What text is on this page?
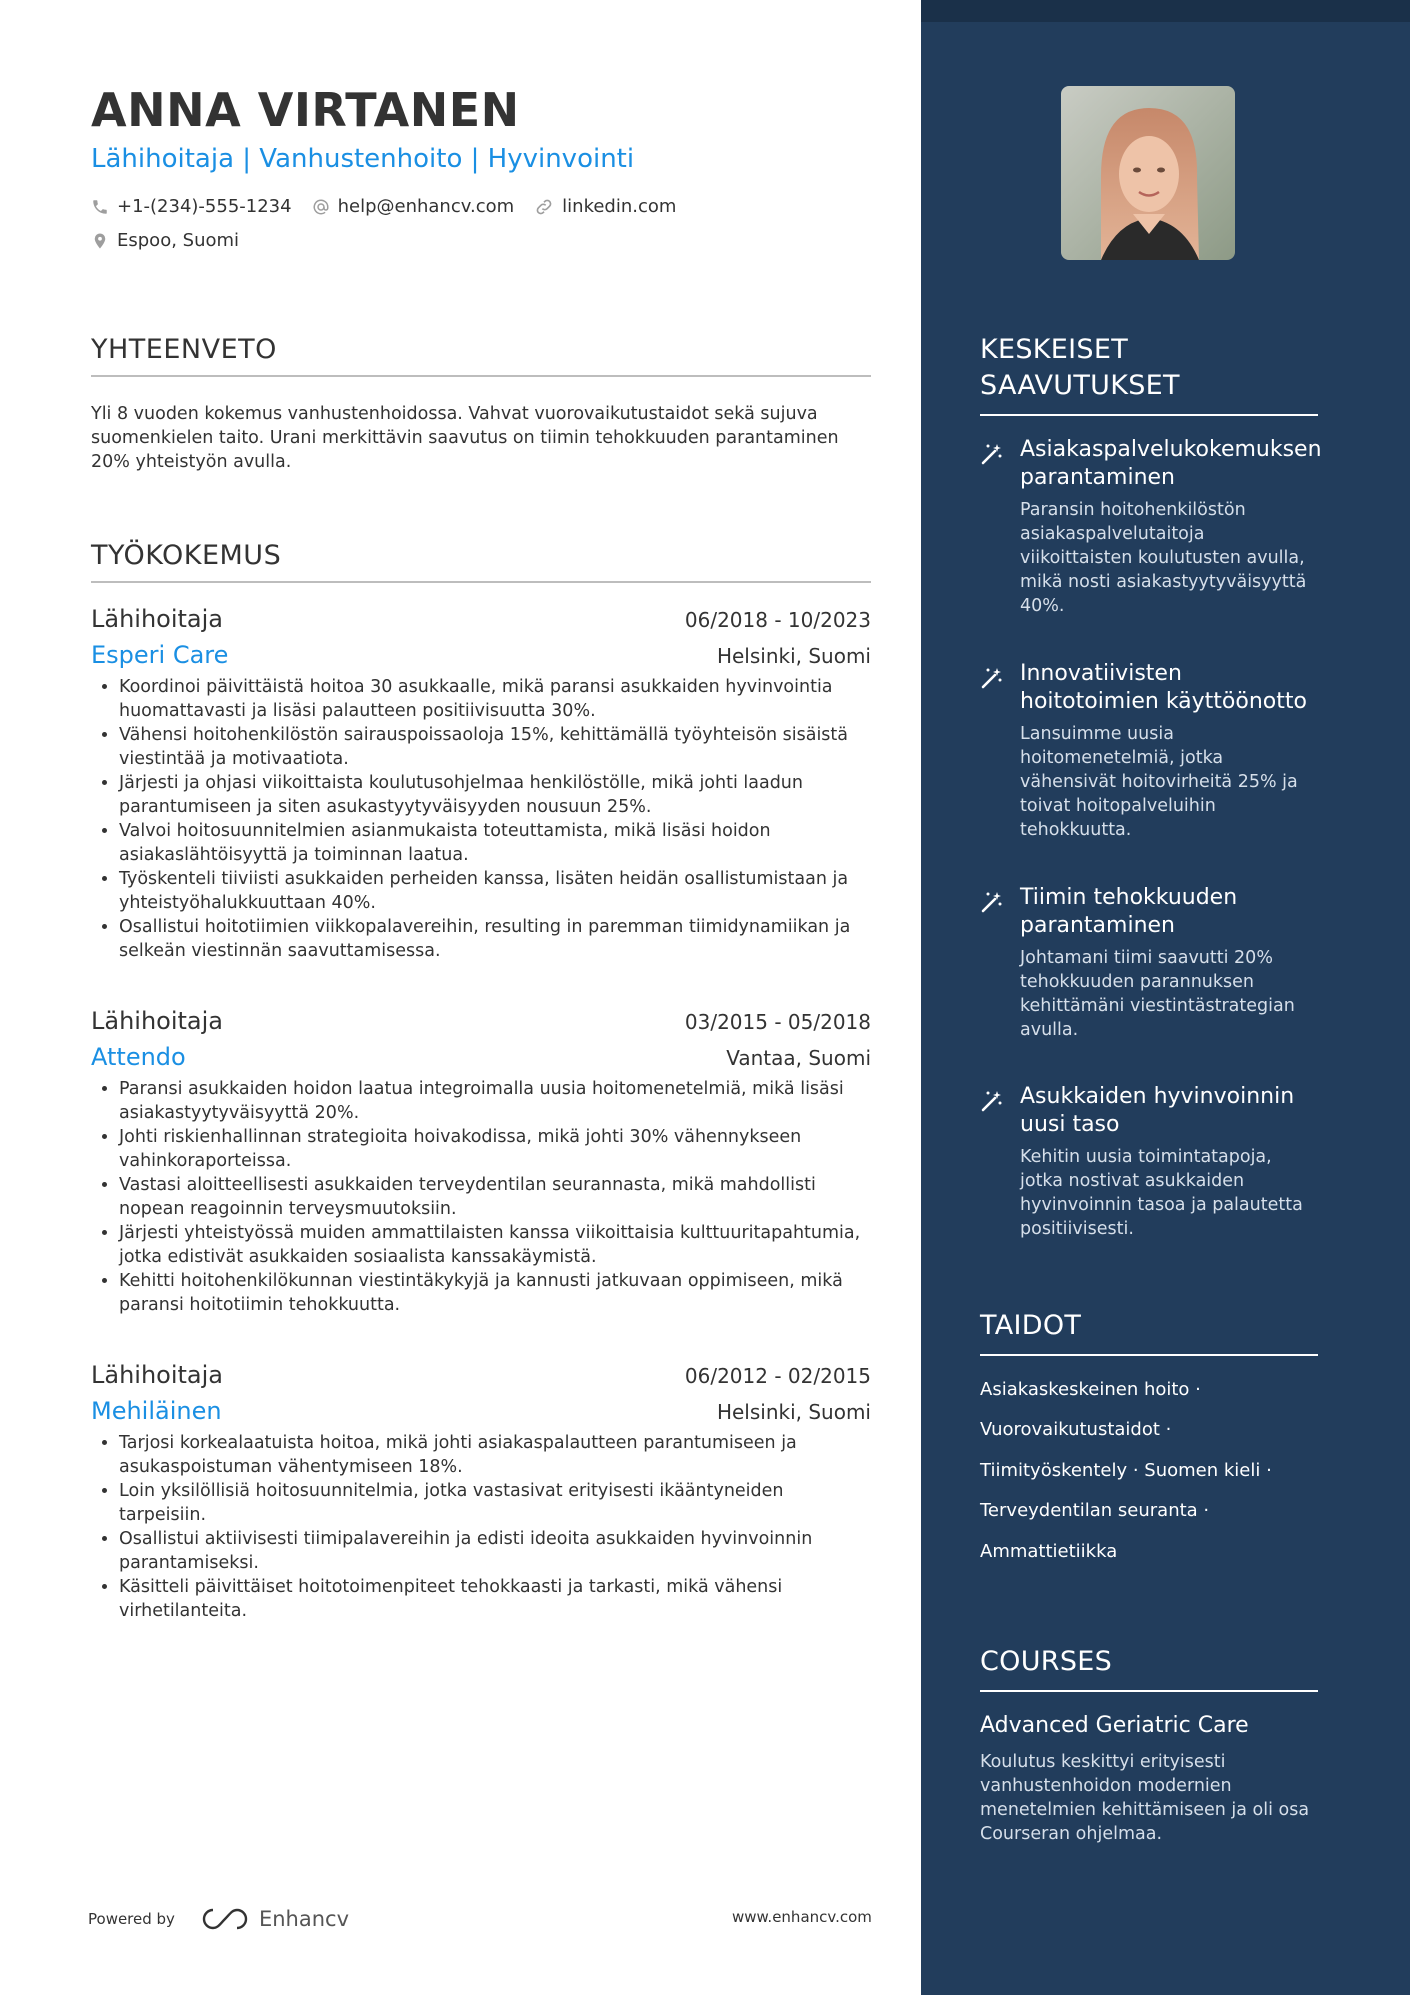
ANNA VIRTANEN
Lähihoitaja | Vanhustenhoito | Hyvinvointi
+1-(234)-555-1234	help@enhancv.com	linkedin.com
Espoo, Suomi
YHTEENVETO
Yli 8 vuoden kokemus vanhustenhoidossa. Vahvat vuorovaikutustaidot sekä sujuva suomenkielen taito. Urani merkittävin saavutus on tiimin tehokkuuden parantaminen 20% yhteistyön avulla.
TYÖKOKEMUS
Lähihoitaja	06/2018 - 10/2023
Esperi Care	Helsinki, Suomi
• Koordinoi päivittäistä hoitoa 30 asukkaalle, mikä paransi asukkaiden hyvinvointia huomattavasti ja lisäsi palautteen positiivisuutta 30%.
• Vähensi hoitohenkilöstön sairauspoissaoloja 15%, kehittämällä työyhteisön sisäistä viestintää ja motivaatiota.
• Järjesti ja ohjasi viikoittaista koulutusohjelmaa henkilöstölle, mikä johti laadun parantumiseen ja siten asukastyytyväisyyden nousuun 25%.
• Valvoi hoitosuunnitelmien asianmukaista toteuttamista, mikä lisäsi hoidon asiakaslähtöisyyttä ja toiminnan laatua.
• Työskenteli tiiviisti asukkaiden perheiden kanssa, lisäten heidän osallistumistaan ja yhteistyöhalukkuuttaan 40%.
• Osallistui hoitotiimien viikkopalavereihin, resulting in paremman tiimidynamiikan ja selkeän viestinnän saavuttamisessa.
Lähihoitaja	03/2015 - 05/2018
Attendo	Vantaa, Suomi
• Paransi asukkaiden hoidon laatua integroimalla uusia hoitomenetelmiä, mikä lisäsi asiakastyytyväisyyttä 20%.
• Johti riskienhallinnan strategioita hoivakodissa, mikä johti 30% vähennykseen vahinkoraporteissa.
• Vastasi aloitteellisesti asukkaiden terveydentilan seurannasta, mikä mahdollisti nopean reagoinnin terveysmuutoksiin.
• Järjesti yhteistyössä muiden ammattilaisten kanssa viikoittaisia kulttuuritapahtumia, jotka edistivät asukkaiden sosiaalista kanssakäymistä.
• Kehitti hoitohenkilökunnan viestintäkykyjä ja kannusti jatkuvaan oppimiseen, mikä paransi hoitotiimin tehokkuutta.
Lähihoitaja	06/2012 - 02/2015
Mehiläinen	Helsinki, Suomi
• Tarjosi korkealaatuista hoitoa, mikä johti asiakaspalautteen parantumiseen ja asukaspoistuman vähentymiseen 18%.
• Loin yksilöllisiä hoitosuunnitelmia, jotka vastasivat erityisesti ikääntyneiden tarpeisiin.
• Osallistui aktiivisesti tiimipalavereihin ja edisti ideoita asukkaiden hyvinvoinnin parantamiseksi.
• Käsitteli päivittäiset hoitotoimenpiteet tehokkaasti ja tarkasti, mikä vähensi virhetilanteita.
Powered by	Enhancv	www.enhancv.com
KESKEISET SAAVUTUKSET
Asiakaspalvelukokemuksen parantaminen
Paransin hoitohenkilöstön asiakaspalvelutaitoja viikoittaisten koulutusten avulla, mikä nosti asiakastyytyväisyyttä 40%.
Innovatiivisten hoitotoimien käyttöönotto
Lansuimme uusia hoitomenetelmiä, jotka vähensivät hoitovirheitä 25% ja toivat hoitopalveluihin tehokkuutta.
Tiimin tehokkuuden parantaminen
Johtamani tiimi saavutti 20% tehokkuuden parannuksen kehittämäni viestintästrategian avulla.
Asukkaiden hyvinvoinnin uusi taso
Kehitin uusia toimintatapoja, jotka nostivat asukkaiden hyvinvoinnin tasoa ja palautetta positiivisesti.
TAIDOT
Asiakaskeskeinen hoito ·
Vuorovaikutustaidot ·
Tiimityöskentely · Suomen kieli ·
Terveydentilan seuranta ·
Ammattietiikka
COURSES
Advanced Geriatric Care
Koulutus keskittyi erityisesti vanhustenhoidon modernien menetelmien kehittämiseen ja oli osa Courseran ohjelmaa.
